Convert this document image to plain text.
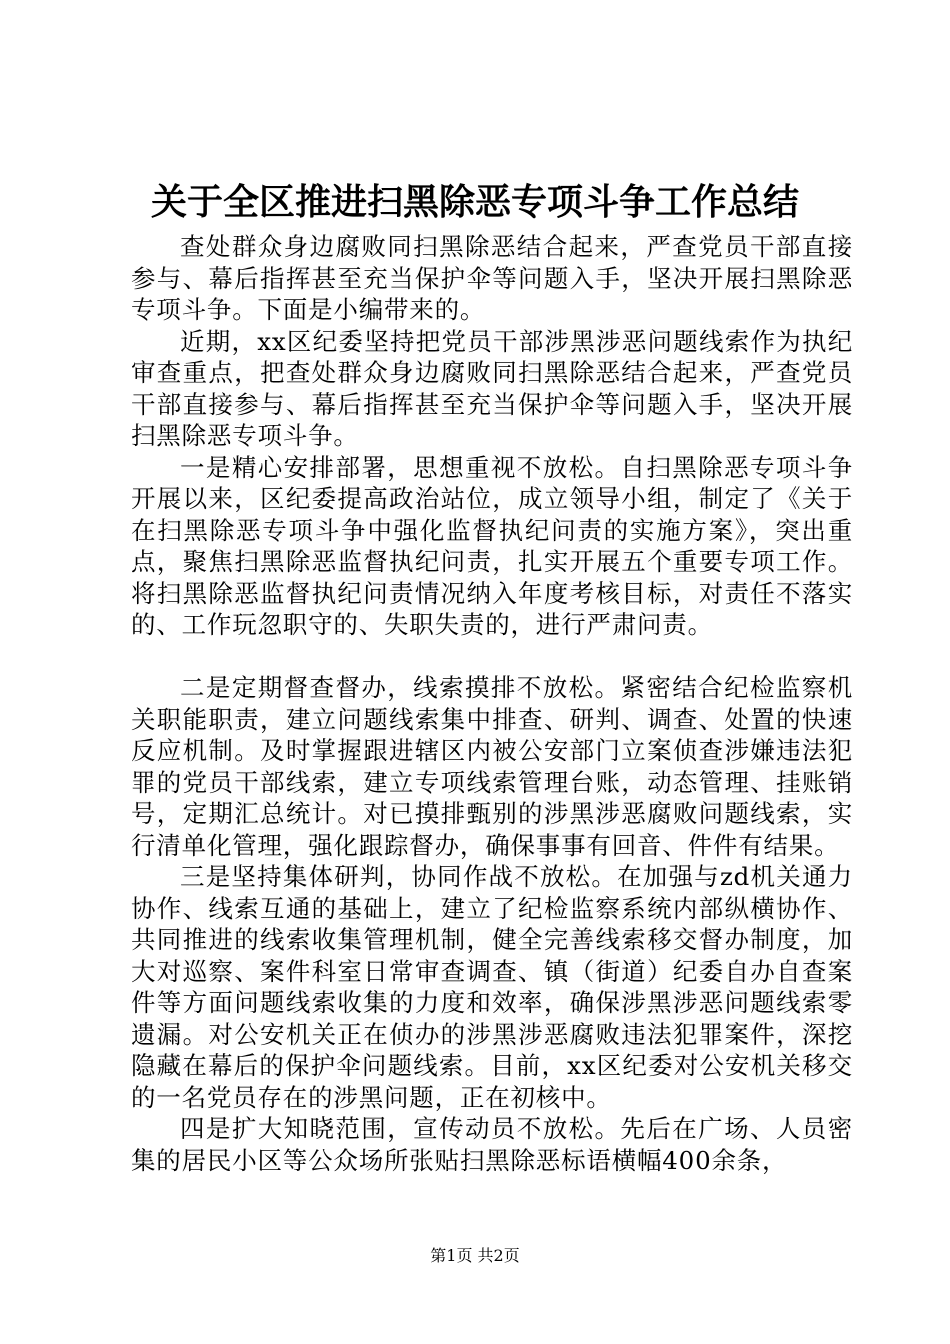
关于全区推进扫黑除恶专项斗争工作总结

查处群众身边腐败同扫黑除恶结合起来，严查党员干部直接参与、幕后指挥甚至充当保护伞等问题入手，坚决开展扫黑除恶专项斗争。下面是小编带来的。

近期，xx区纪委坚持把党员干部涉黑涉恶问题线索作为执纪审查重点，把查处群众身边腐败同扫黑除恶结合起来，严查党员干部直接参与、幕后指挥甚至充当保护伞等问题入手，坚决开展扫黑除恶专项斗争。

一是精心安排部署，思想重视不放松。自扫黑除恶专项斗争开展以来，区纪委提高政治站位，成立领导小组，制定了《关于在扫黑除恶专项斗争中强化监督执纪问责的实施方案》，突出重点，聚焦扫黑除恶监督执纪问责，扎实开展五个重要专项工作。将扫黑除恶监督执纪问责情况纳入年度考核目标，对责任不落实的、工作玩忽职守的、失职失责的，进行严肃问责。

二是定期督查督办，线索摸排不放松。紧密结合纪检监察机关职能职责，建立问题线索集中排查、研判、调查、处置的快速反应机制。及时掌握跟进辖区内被公安部门立案侦查涉嫌违法犯罪的党员干部线索，建立专项线索管理台账，动态管理、挂账销号，定期汇总统计。对已摸排甄别的涉黑涉恶腐败问题线索，实行清单化管理，强化跟踪督办，确保事事有回音、件件有结果。

三是坚持集体研判，协同作战不放松。在加强与zd机关通力协作、线索互通的基础上，建立了纪检监察系统内部纵横协作、共同推进的线索收集管理机制，健全完善线索移交督办制度，加大对巡察、案件科室日常审查调查、镇（街道）纪委自办自查案件等方面问题线索收集的力度和效率，确保涉黑涉恶问题线索零遗漏。对公安机关正在侦办的涉黑涉恶腐败违法犯罪案件，深挖隐藏在幕后的保护伞问题线索。目前，xx区纪委对公安机关移交的一名党员存在的涉黑问题，正在初核中。

四是扩大知晓范围，宣传动员不放松。先后在广场、人员密集的居民小区等公众场所张贴扫黑除恶标语横幅400余条，

第1页 共2页
